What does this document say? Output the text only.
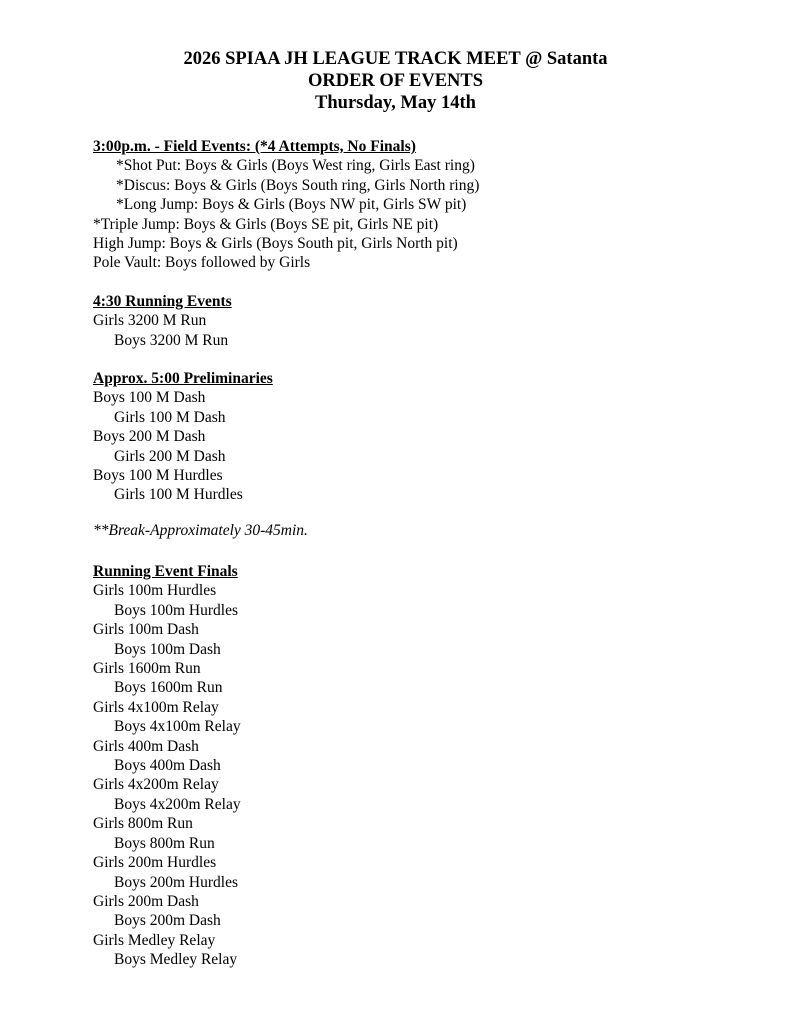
2026 SPIAA JH LEAGUE TRACK MEET @ Satanta
ORDER OF EVENTS
Thursday, May 14th
3:00p.m. - Field Events: (*4 Attempts, No Finals)
*Shot Put: Boys & Girls (Boys West ring, Girls East ring)
*Discus: Boys & Girls (Boys South ring, Girls North ring)
*Long Jump: Boys & Girls (Boys NW pit, Girls SW pit)
*Triple Jump: Boys & Girls (Boys SE pit, Girls NE pit)
High Jump: Boys & Girls (Boys South pit, Girls North pit)
Pole Vault: Boys followed by Girls
4:30 Running Events
Girls 3200 M Run
Boys 3200 M Run
Approx. 5:00 Preliminaries
Boys 100 M Dash
Girls 100 M Dash
Boys 200 M Dash
Girls 200 M Dash
Boys 100 M Hurdles
Girls 100 M Hurdles
**Break-Approximately 30-45min.
Running Event Finals
Girls 100m Hurdles
Boys 100m Hurdles
Girls 100m Dash
Boys 100m Dash
Girls 1600m Run
Boys 1600m Run
Girls 4x100m Relay
Boys 4x100m Relay
Girls 400m Dash
Boys 400m Dash
Girls 4x200m Relay
Boys 4x200m Relay
Girls 800m Run
Boys 800m Run
Girls 200m Hurdles
Boys 200m Hurdles
Girls 200m Dash
Boys 200m Dash
Girls Medley Relay
Boys Medley Relay
